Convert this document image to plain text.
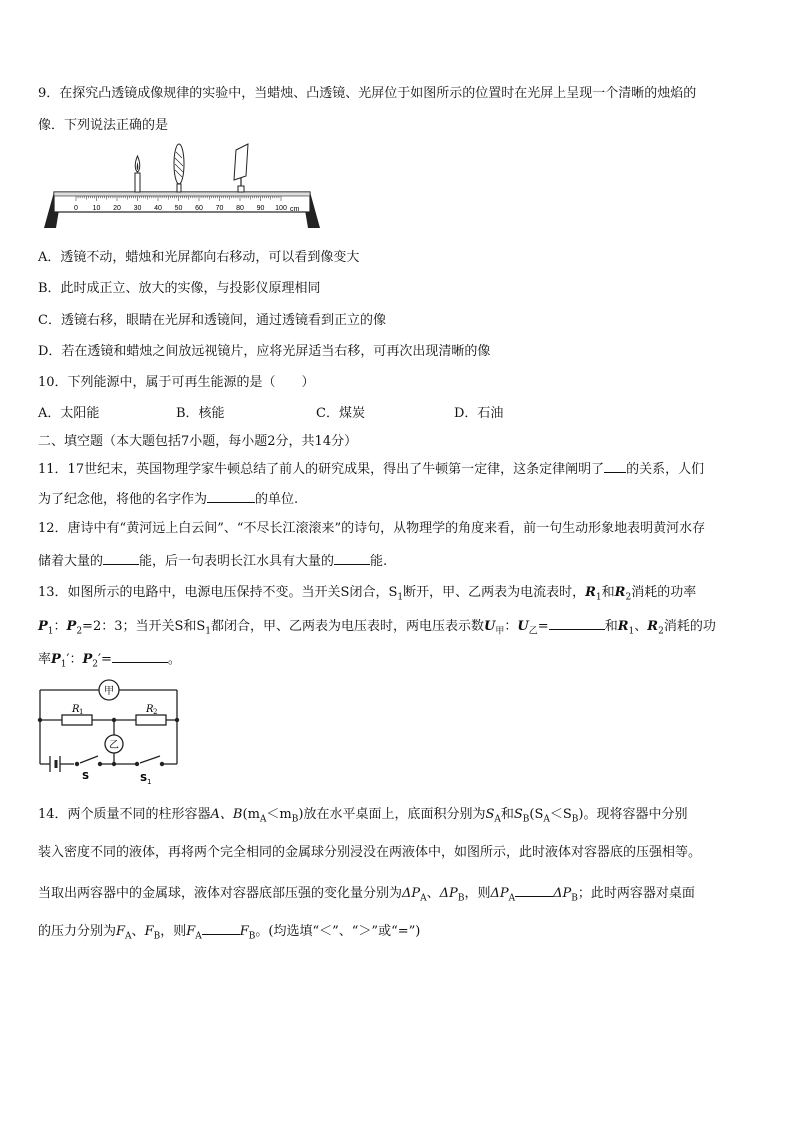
9．在探究凸透镜成像规律的实验中，当蜡烛、凸透镜、光屏位于如图所示的位置时在光屏上呈现一个清晰的烛焰的
像．下列说法正确的是
0 10 20 30 40 50 60 70 80 90 100 cm
A．透镜不动，蜡烛和光屏都向右移动，可以看到像变大
B．此时成正立、放大的实像，与投影仪原理相同
C．透镜右移，眼睛在光屏和透镜间，通过透镜看到正立的像
D．若在透镜和蜡烛之间放远视镜片，应将光屏适当右移，可再次出现清晰的像
10．下列能源中，属于可再生能源的是（　　）
A．太阳能	B．核能	C．煤炭	D．石油
二、填空题（本大题包括7小题，每小题2分，共14分）
11．17世纪末，英国物理学家牛顿总结了前人的研究成果，得出了牛顿第一定律，这条定律阐明了 的关系，人们
为了纪念他，将他的名字作为	的单位.
12．唐诗中有“黄河远上白云间”、“不尽长江滚滚来”的诗句，从物理学的角度来看，前一句生动形象地表明黄河水存
储着大量的	能，后一句表明长江水具有大量的	能.
13．如图所示的电路中，电源电压保持不变。当开关S闭合，$S_1$断开，甲、乙两表为电流表时，$R_1$和$R_2$消耗的功率
$P_1$：$P_2=2$：3；当开关S和$S_1$都闭合，甲、乙两表为电压表时，两电压表示数$U_甲$：$U_乙=$	和$R_1$、$R_2$消耗的功
率$P_1'$：$P_2'=$	。
甲
乙
R 1	R 2
S	S 1
14．两个质量不同的柱形容器A、$B(m_A<m_B)$放在水平桌面上，底面积分别为$S_A$和$S_B(S_A<S_B)$。现将容器中分别
装入密度不同的液体，再将两个完全相同的金属球分别浸没在两液体中，如图所示，此时液体对容器底的压强相等。
当取出两容器中的金属球，液体对容器底部压强的变化量分别为$\Delta P_A$、$\Delta P_B$，则$\Delta P_A$	$\Delta P_B$；此时两容器对桌面
的压力分别为$F_A$、$F_B$，则$F_A$	$F_B$。(均选填“＜”、“＞”或“=”)
